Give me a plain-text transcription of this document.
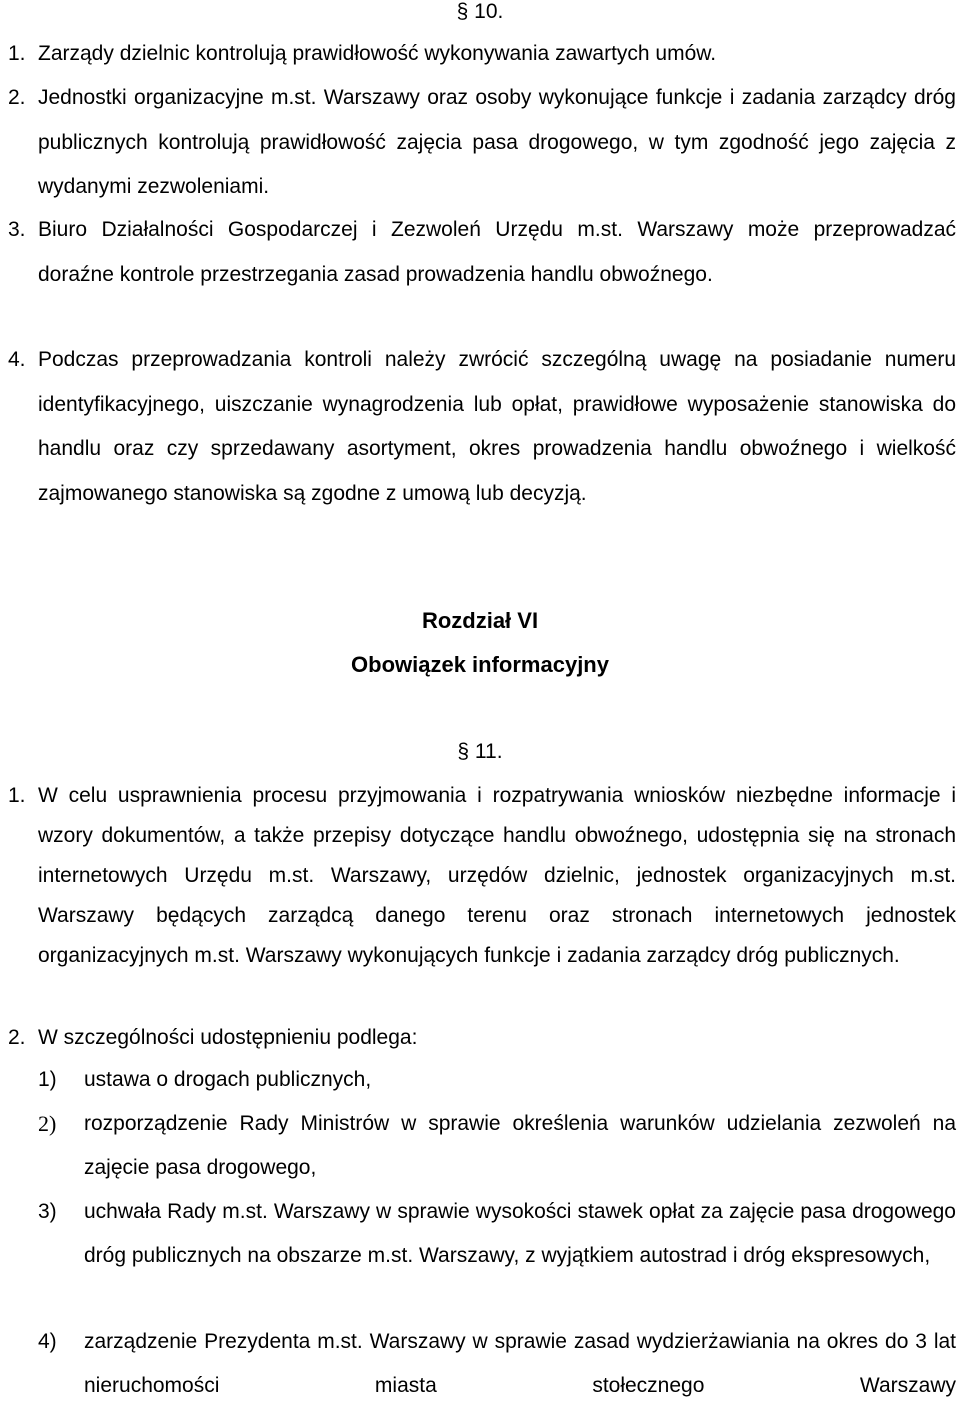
§ 10.
1. Zarządy dzielnic kontrolują prawidłowość wykonywania zawartych umów.
2. Jednostki organizacyjne m.st. Warszawy oraz osoby wykonujące funkcje i zadania zarządcy dróg publicznych kontrolują prawidłowość zajęcia pasa drogowego, w tym zgodność jego zajęcia z wydanymi zezwoleniami.
3. Biuro Działalności Gospodarczej i Zezwoleń Urzędu m.st. Warszawy może przeprowadzać doraźne kontrole przestrzegania zasad prowadzenia handlu obwoźnego.
4. Podczas przeprowadzania kontroli należy zwrócić szczególną uwagę na posiadanie numeru identyfikacyjnego, uiszczanie wynagrodzenia lub opłat, prawidłowe wyposażenie stanowiska do handlu oraz czy sprzedawany asortyment, okres prowadzenia handlu obwoźnego i wielkość zajmowanego stanowiska są zgodne z umową lub decyzją.
Rozdział VI
Obowiązek informacyjny
§ 11.
1. W celu usprawnienia procesu przyjmowania i rozpatrywania wniosków niezbędne informacje i wzory dokumentów, a także przepisy dotyczące handlu obwoźnego, udostępnia się na stronach internetowych Urzędu m.st. Warszawy, urzędów dzielnic, jednostek organizacyjnych m.st. Warszawy będących zarządcą danego terenu oraz stronach internetowych jednostek organizacyjnych m.st. Warszawy wykonujących funkcje i zadania zarządcy dróg publicznych.
2. W szczególności udostępnieniu podlega:
1) ustawa o drogach publicznych,
2) rozporządzenie Rady Ministrów w sprawie określenia warunków udzielania zezwoleń na zajęcie pasa drogowego,
3) uchwała Rady m.st. Warszawy w sprawie wysokości stawek opłat za zajęcie pasa drogowego dróg publicznych na obszarze m.st. Warszawy, z wyjątkiem autostrad i dróg ekspresowych,
4) zarządzenie Prezydenta m.st. Warszawy w sprawie zasad wydzierżawiania na okres do 3 lat nieruchomości miasta stołecznego Warszawy
